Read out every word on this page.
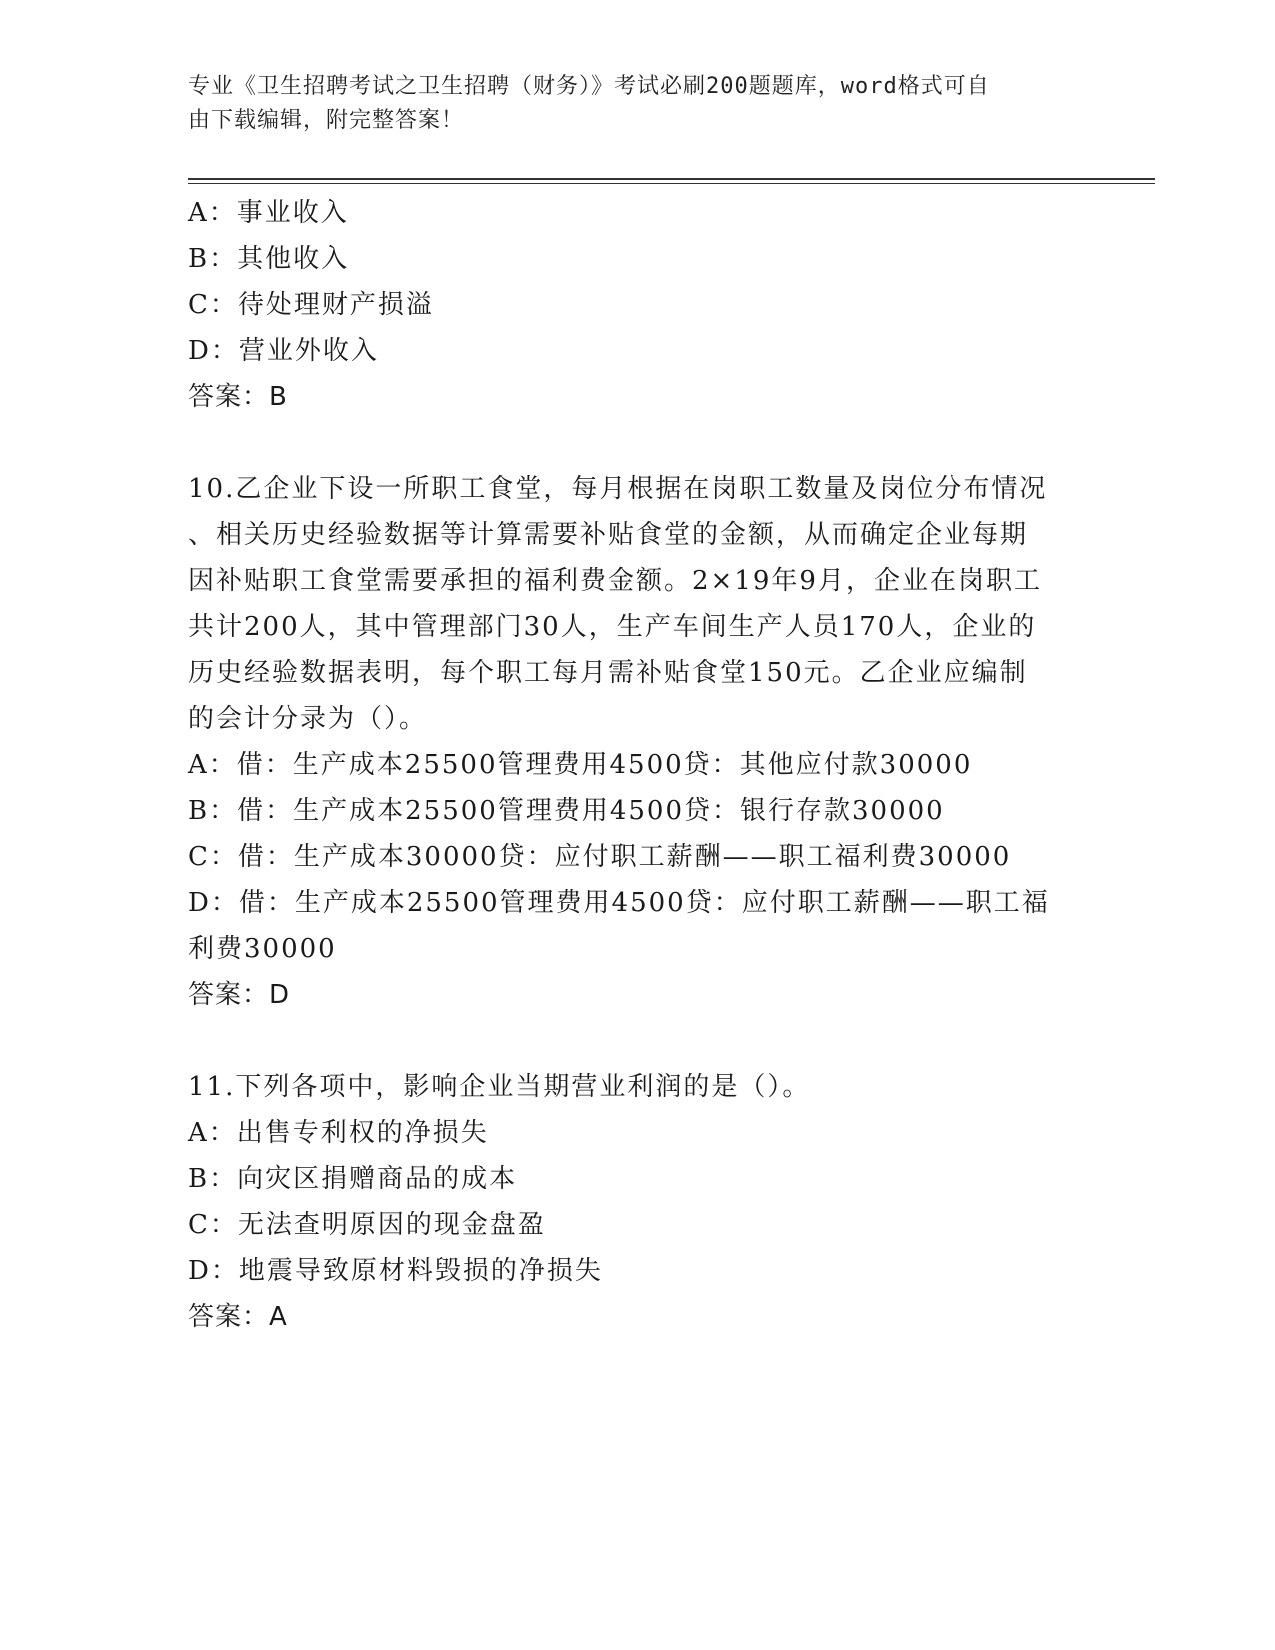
专业《卫生招聘考试之卫生招聘（财务）》考试必刷200题题库，word格式可自
由下载编辑，附完整答案！
A：事业收入
B：其他收入
C：待处理财产损溢
D：营业外收入
答案：B
10.乙企业下设一所职工食堂，每月根据在岗职工数量及岗位分布情况
、相关历史经验数据等计算需要补贴食堂的金额，从而确定企业每期
因补贴职工食堂需要承担的福利费金额。2×19年9月，企业在岗职工
共计200人，其中管理部门30人，生产车间生产人员170人，企业的
历史经验数据表明，每个职工每月需补贴食堂150元。乙企业应编制
的会计分录为（）。
A：借：生产成本25500管理费用4500贷：其他应付款30000
B：借：生产成本25500管理费用4500贷：银行存款30000
C：借：生产成本30000贷：应付职工薪酬——职工福利费30000
D：借：生产成本25500管理费用4500贷：应付职工薪酬——职工福
利费30000
答案：D
11.下列各项中，影响企业当期营业利润的是（）。
A：出售专利权的净损失
B：向灾区捐赠商品的成本
C：无法查明原因的现金盘盈
D：地震导致原材料毁损的净损失
答案：A
